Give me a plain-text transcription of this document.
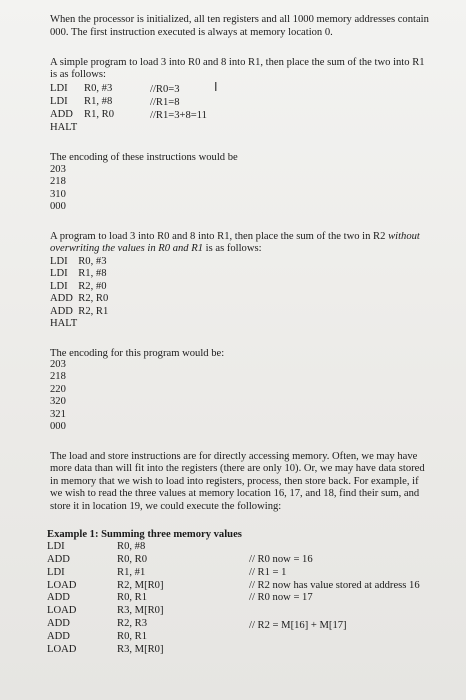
When the processor is initialized, all ten registers and all 1000 memory addresses contain
000. The first instruction executed is always at memory location 0.
A simple program to load 3 into R0 and 8 into R1, then place the sum of the two into R1
is as follows:
I
LDI R0, #3	//R0=3
LDI R1, #8	//R1=8
ADD R1, R0	//R1=3+8=11
HALT
The encoding of these instructions would be
203
218
310
000
A program to load 3 into R0 and 8 into R1, then place the sum of the two in R2 without
overwriting the values in R0 and R1 is as follows:
LDI    R0, #3
LDI    R1, #8
LDI    R2, #0
ADD  R2, R0
ADD  R2, R1
HALT
The encoding for this program would be:
203
218
220
320
321
000
The load and store instructions are for directly accessing memory. Often, we may have
more data than will fit into the registers (there are only 10). Or, we may have data stored
in memory that we wish to load into registers, process, then store back. For example, if
we wish to read the three values at memory location 16, 17, and 18, find their sum, and
store it in location 19, we could execute the following:
Example 1: Summing three memory values
LDI	R0, #8
ADD	R0, R0	// R0 now = 16
LDI	R1, #1	// R1 = 1
LOAD	R2, M[R0]	// R2 now has value stored at address 16
ADD	R0, R1	// R0 now = 17
LOAD	R3, M[R0]
ADD	R2, R3	// R2 = M[16] + M[17]
ADD	R0, R1
LOAD	R3, M[R0]
